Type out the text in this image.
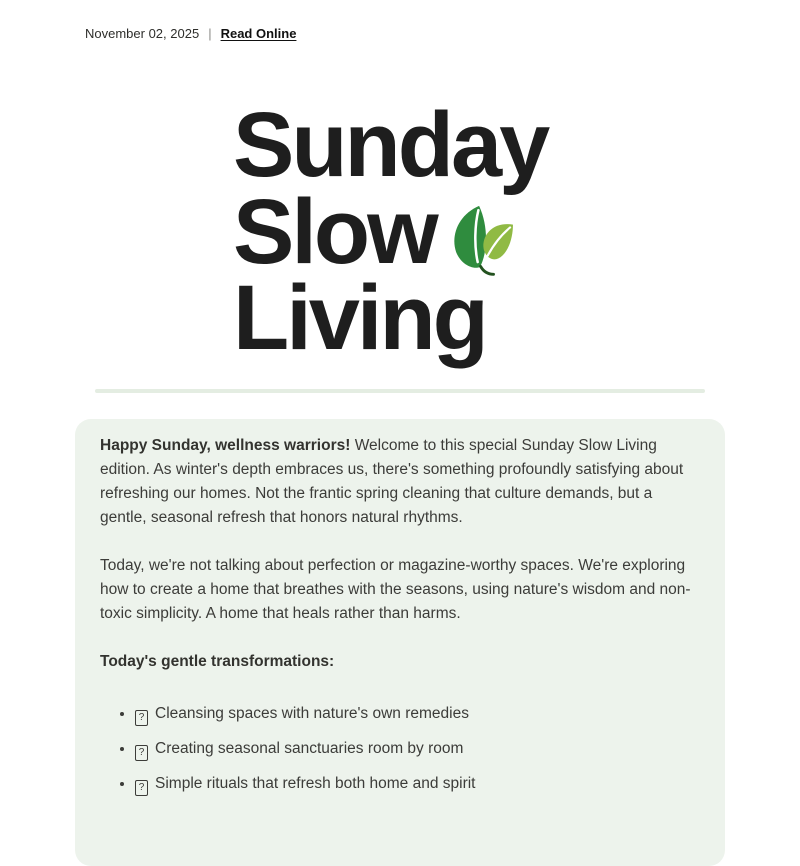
November 02, 2025 | Read Online
Sunday
Slow
Living

Happy Sunday, wellness warriors! Welcome to this special Sunday Slow Living edition. As winter's depth embraces us, there's something profoundly satisfying about refreshing our homes. Not the frantic spring cleaning that culture demands, but a gentle, seasonal refresh that honors natural rhythms.

Today, we're not talking about perfection or magazine-worthy spaces. We're exploring how to create a home that breathes with the seasons, using nature's wisdom and non-toxic simplicity. A home that heals rather than harms.

Today's gentle transformations:

• ? Cleansing spaces with nature's own remedies
• ? Creating seasonal sanctuaries room by room
• ? Simple rituals that refresh both home and spirit
